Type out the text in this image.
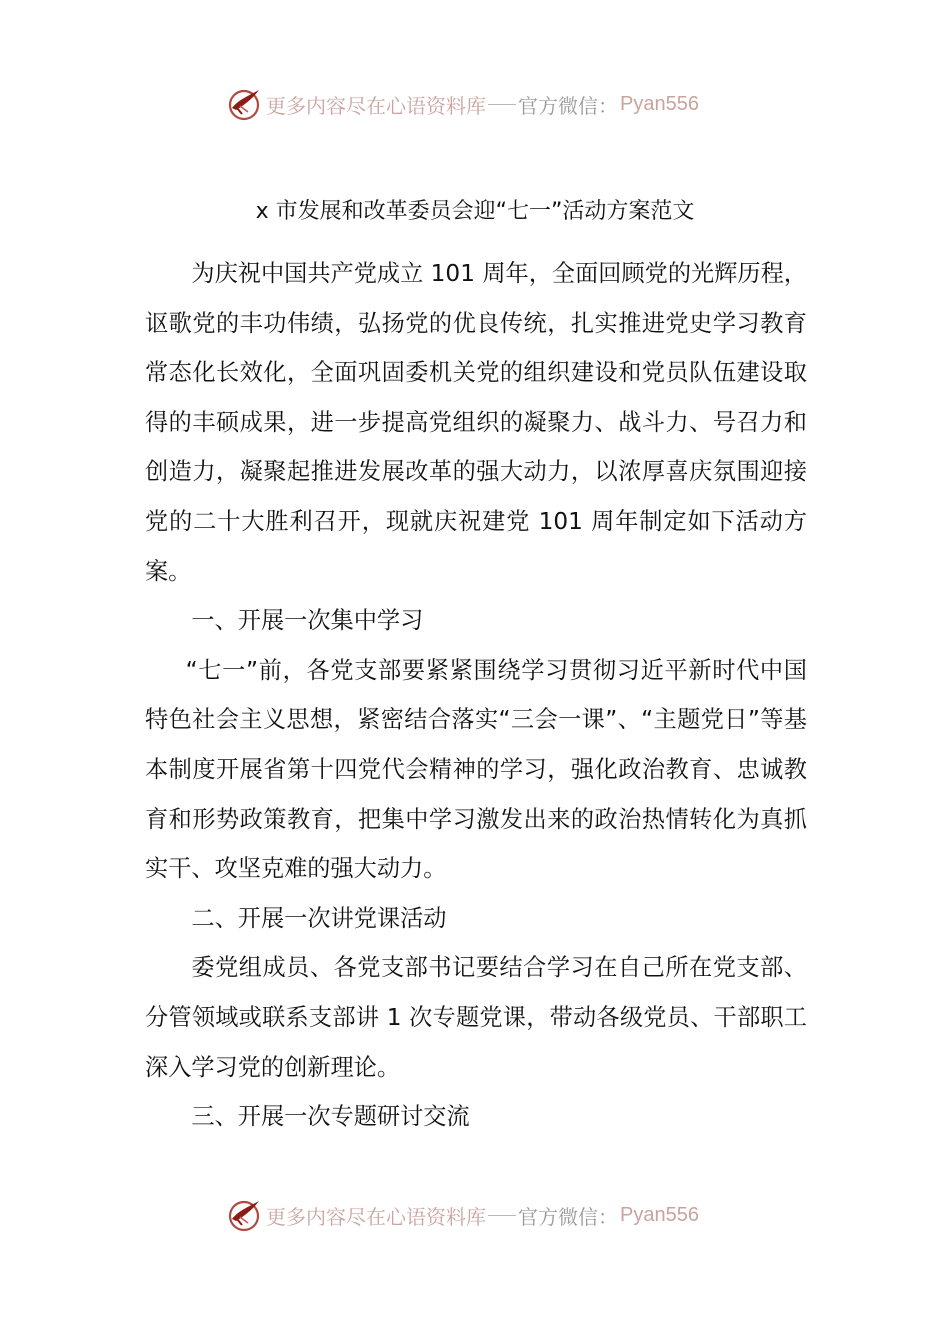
更多内容尽在心语资料库 官方微信： Pyan556
x 市发展和改革委员会迎“七一”活动方案范文

为庆祝中国共产党成立 101 周年，全面回顾党的光辉历程，讴歌党的丰功伟绩，弘扬党的优良传统，扎实推进党史学习教育常态化长效化，全面巩固委机关党的组织建设和党员队伍建设取得的丰硕成果，进一步提高党组织的凝聚力、战斗力、号召力和创造力，凝聚起推进发展改革的强大动力，以浓厚喜庆氛围迎接党的二十大胜利召开，现就庆祝建党 101 周年制定如下活动方案。

一、开展一次集中学习

“七一”前，各党支部要紧紧围绕学习贯彻习近平新时代中国特色社会主义思想，紧密结合落实“三会一课”、“主题党日”等基本制度开展省第十四党代会精神的学习，强化政治教育、忠诚教育和形势政策教育，把集中学习激发出来的政治热情转化为真抓实干、攻坚克难的强大动力。

二、开展一次讲党课活动

委党组成员、各党支部书记要结合学习在自己所在党支部、分管领域或联系支部讲 1 次专题党课，带动各级党员、干部职工深入学习党的创新理论。

三、开展一次专题研讨交流

更多内容尽在心语资料库 官方微信： Pyan556
